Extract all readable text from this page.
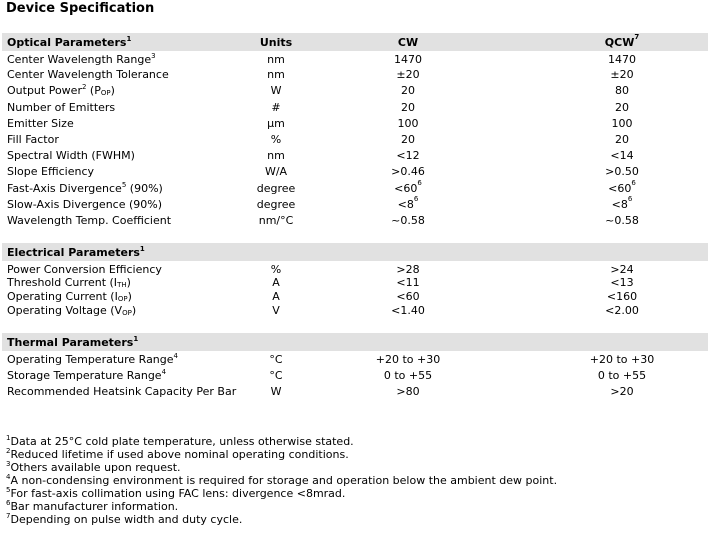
Device Specification
Optical Parameters$^1$	Units	CW	QCW 7
Center Wavelength Range$^3$	nm	1470	1470
Center Wavelength Tolerance	nm	±20	±20
Output Power$^2$ (POP)	W	20	80
Number of Emitters	#	20	20
Emitter Size	µm	100	100
Fill Factor	%	20	20
Spectral Width (FWHM)	nm	<12	<14
Slope Efficiency	W/A	>0.46	>0.50
Fast-Axis Divergence$^5$ (90%)	degree	<60 6	<60 6
Slow-Axis Divergence (90%)	degree	<8 6	<8 6
Wavelength Temp. Coefficient	nm/°C	~0.58	~0.58
Electrical Parameters$^1$
Power Conversion Efficiency	%	>28	>24
Threshold Current (ITH)	A	<11	<13
Operating Current (IOP)	A	<60	<160
Operating Voltage (VOP)	V	<1.40	<2.00
Thermal Parameters$^1$
Operating Temperature Range$^4$	°C	+20 to +30	+20 to +30
Storage Temperature Range$^4$	°C	0 to +55	0 to +55
Recommended Heatsink Capacity Per Bar	W	>80	>20
$^1$Data at 25°C cold plate temperature, unless otherwise stated.
$^2$Reduced lifetime if used above nominal operating conditions.
$^3$Others available upon request.
$^4$A non-condensing environment is required for storage and operation below the ambient dew point.
$^5$For fast-axis collimation using FAC lens: divergence <8mrad.
$^6$Bar manufacturer information.
$^7$Depending on pulse width and duty cycle.
